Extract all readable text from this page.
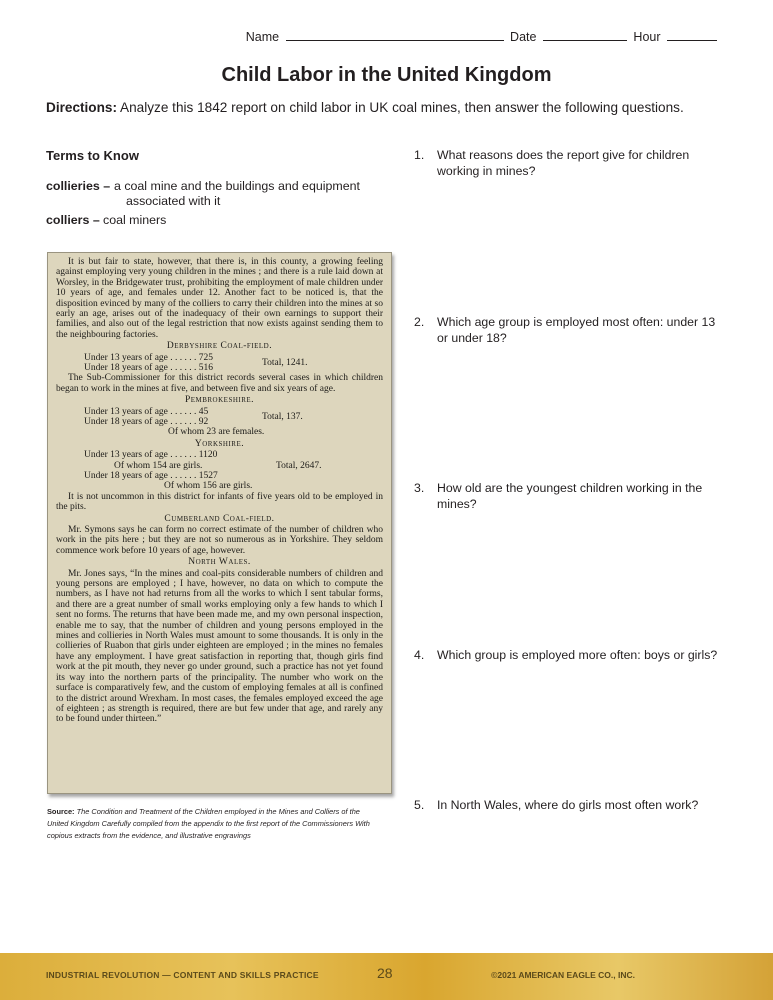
Name	Date	Hour
Child Labor in the United Kingdom
Directions: Analyze this 1842 report on child labor in UK coal mines, then answer the following questions.
Terms to Know
collieries – a coal mine and the buildings and equipment
associated with it
colliers – coal miners

It is but fair to state, however, that there is, in this county, a growing feeling against employing very young children in the mines ; and there is a rule laid down at Worsley, in the Bridgewater trust, prohibiting the employment of male children under 10 years of age, and females under 12. Another fact to be noticed is, that the disposition evinced by many of the colliers to carry their children into the mines at so early an age, arises out of the inadequacy of their own earnings to support their families, and also out of the legal restriction that now exists against sending them to the neighbouring factories.

Derbyshire Coal-field.
Under 13 years of age . . . . . . 725	Total, 1241.
Under 18 years of age . . . . . . 516

The Sub-Commissioner for this district records several cases in which children began to work in the mines at five, and between five and six years of age.

Pembrokeshire.
Under 13 years of age . . . . . . 45	Total, 137.
Under 18 years of age . . . . . . 92
Of whom 23 are females.
Yorkshire.
Under 13 years of age . . . . . . 1120
Of whom 154 are girls.	Total, 2647.
Under 18 years of age . . . . . . 1527
Of whom 156 are girls.

It is not uncommon in this district for infants of five years old to be employed in the pits.

Cumberland Coal-field.

Mr. Symons says he can form no correct estimate of the number of children who work in the pits here ; but they are not so numerous as in Yorkshire. They seldom commence work before 10 years of age, however.

North Wales.

Mr. Jones says, “In the mines and coal-pits considerable numbers of children and young persons are employed ; I have, however, no data on which to compute the numbers, as I have not had returns from all the works to which I sent tabular forms, and there are a great number of small works employing only a few hands to which I sent no forms. The returns that have been made me, and my own personal inspection, enable me to say, that the number of children and young persons employed in the mines and collieries in North Wales must amount to some thousands. It is only in the collieries of Ruabon that girls under eighteen are employed ; in the mines no females have any employment. I have great satisfaction in reporting that, though girls find work at the pit mouth, they never go under ground, such a practice has not yet found its way into the northern parts of the principality. The number who work on the surface is comparatively few, and the custom of employing females at all is confined to the district around Wrexham. In most cases, the females employed exceed the age of eighteen ; as strength is required, there are but few under that age, and rarely any to be found under thirteen.”

Source: The Condition and Treatment of the Children employed in the Mines and Colliers of the United Kingdom Carefully compiled from the appendix to the first report of the Commissioners With copious extracts from the evidence, and illustrative engravings
1. What reasons does the report give for children working in mines?
2. Which age group is employed most often: under 13 or under 18?
3. How old are the youngest children working in the mines?
4. Which group is employed more often: boys or girls?
5. In North Wales, where do girls most often work?
INDUSTRIAL REVOLUTION — CONTENT AND SKILLS PRACTICE	28	©2021 AMERICAN EAGLE CO., INC.
